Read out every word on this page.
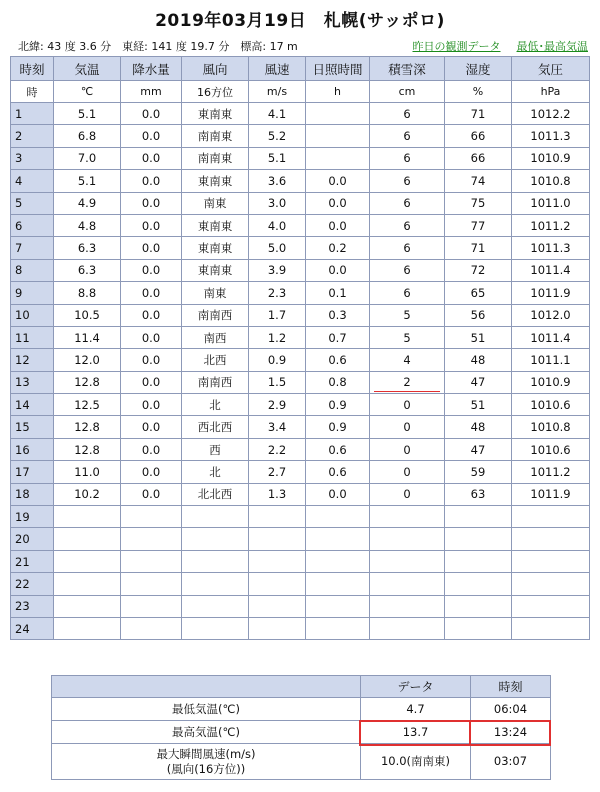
2019年03月19日　札幌(サッポロ)
北緯: 43 度 3.6 分　東経: 141 度 19.7 分　標高: 17 m	昨日の観測データ 最低･最高気温
時刻	気温	降水量	風向	風速	日照時間	積雪深	湿度	気圧
時	℃	mm	16方位	m/s	h	cm	%	hPa
1	5.1	0.0	東南東	4.1		6	71	1012.2
2	6.8	0.0	南南東	5.2		6	66	1011.3
3	7.0	0.0	南南東	5.1		6	66	1010.9
4	5.1	0.0	東南東	3.6	0.0	6	74	1010.8
5	4.9	0.0	南東	3.0	0.0	6	75	1011.0
6	4.8	0.0	東南東	4.0	0.0	6	77	1011.2
7	6.3	0.0	東南東	5.0	0.2	6	71	1011.3
8	6.3	0.0	東南東	3.9	0.0	6	72	1011.4
9	8.8	0.0	南東	2.3	0.1	6	65	1011.9
10	10.5	0.0	南南西	1.7	0.3	5	56	1012.0
11	11.4	0.0	南西	1.2	0.7	5	51	1011.4
12	12.0	0.0	北西	0.9	0.6	4	48	1011.1
13	12.8	0.0	南南西	1.5	0.8	2	47	1010.9
14	12.5	0.0	北	2.9	0.9	0	51	1010.6
15	12.8	0.0	西北西	3.4	0.9	0	48	1010.8
16	12.8	0.0	西	2.2	0.6	0	47	1010.6
17	11.0	0.0	北	2.7	0.6	0	59	1011.2
18	10.2	0.0	北北西	1.3	0.0	0	63	1011.9
19								
20								
21								
22								
23								
24								
	データ	時刻
最低気温(℃)	4.7	06:04
最高気温(℃)	13.7	13:24

最大瞬間風速(m/s)
(風向(16方位))	10.0(南南東)	03:07
